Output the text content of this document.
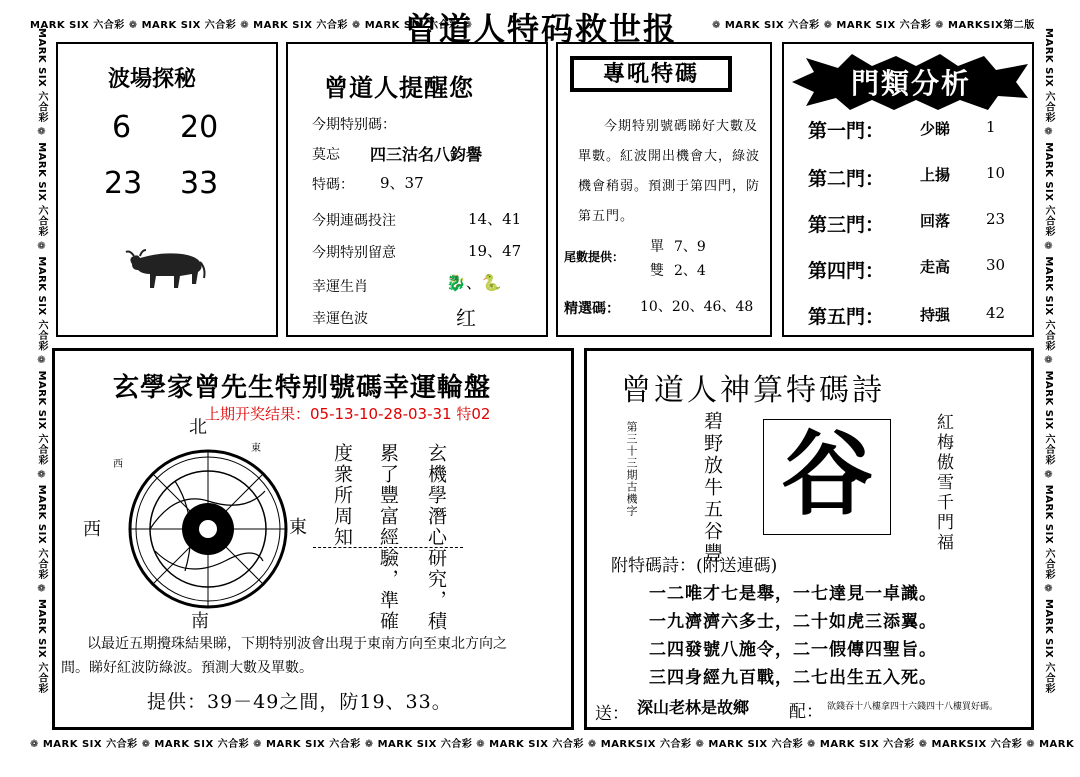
MARK SIX 六合彩 ❁ MARK SIX 六合彩 ❁ MARK SIX 六合彩 ❁ MARK SIX 六合彩 ❁	❁ MARK SIX 六合彩 ❁ MARK SIX 六合彩 ❁ MARKSIX第二版
❁ MARK SIX 六合彩 ❁ MARK SIX 六合彩 ❁ MARK SIX 六合彩 ❁ MARK SIX 六合彩 ❁ MARK SIX 六合彩 ❁ MARKSIX 六合彩 ❁ MARK SIX 六合彩 ❁ MARK SIX 六合彩 ❁ MARKSIX 六合彩 ❁ MARK
MARK SIX 六合彩 ❁ MARK SIX 六合彩 ❁ MARK SIX 六合彩 ❁ MARK SIX 六合彩 ❁ MARK SIX 六合彩 ❁ MARK SIX 六合彩	MARK SIX 六合彩 ❁ MARK SIX 六合彩 ❁ MARK SIX 六合彩 ❁ MARK SIX 六合彩 ❁ MARK SIX 六合彩 ❁ MARK SIX 六合彩
曾道人特码救世报
波場探秘
6 20
23 33
曾道人提醒您
今期特别碼：
莫忘 四三沽名八鈞譽
特碼： 9、37
今期連碼投注	14、41
今期特别留意	19、47
幸運生肖	🐉、🐍
幸運色波	红
專吼特碼
今期特别號碼睇好大數及單數。紅波開出機會大，綠波機會稍弱。預測于第四門，防第五門。
尾數提供：
單 7、9
雙 2、4
精選碼： 10、20、46、48
門類分析
第一門： 少睇 1
第二門： 上揚 10
第三門： 回落 23
第四門： 走高 30
第五門： 持强 42
玄學家曾先生特别號碼幸運輪盤
上期开奖结果：05-13-10-28-03-31 特02
北
南
東
西
東
西	玄機學潛心研究，積
累了豐富經驗，準確
度衆所周知
以最近五期攪珠結果睇，下期特别波會出現于東南方向至東北方向之
間。睇好紅波防綠波。預測大數及單數。
提供：39－49之間，防19、33。
曾道人神算特碼詩
第三十三期古機字	碧野放牛五谷豐 谷	紅梅傲雪千門福
附特碼詩：(附送連碼)
一二唯才七是舉，一七達見一卓識。
一九濟濟六多士，二十如虎三添翼。
二四發號八施令，二一假傳四聖旨。
三四身經九百戰，二七出生五入死。
送： 深山老林是故鄉 配： 欲錢吞十八樓拿四十六錢四十八樓買好碼。
